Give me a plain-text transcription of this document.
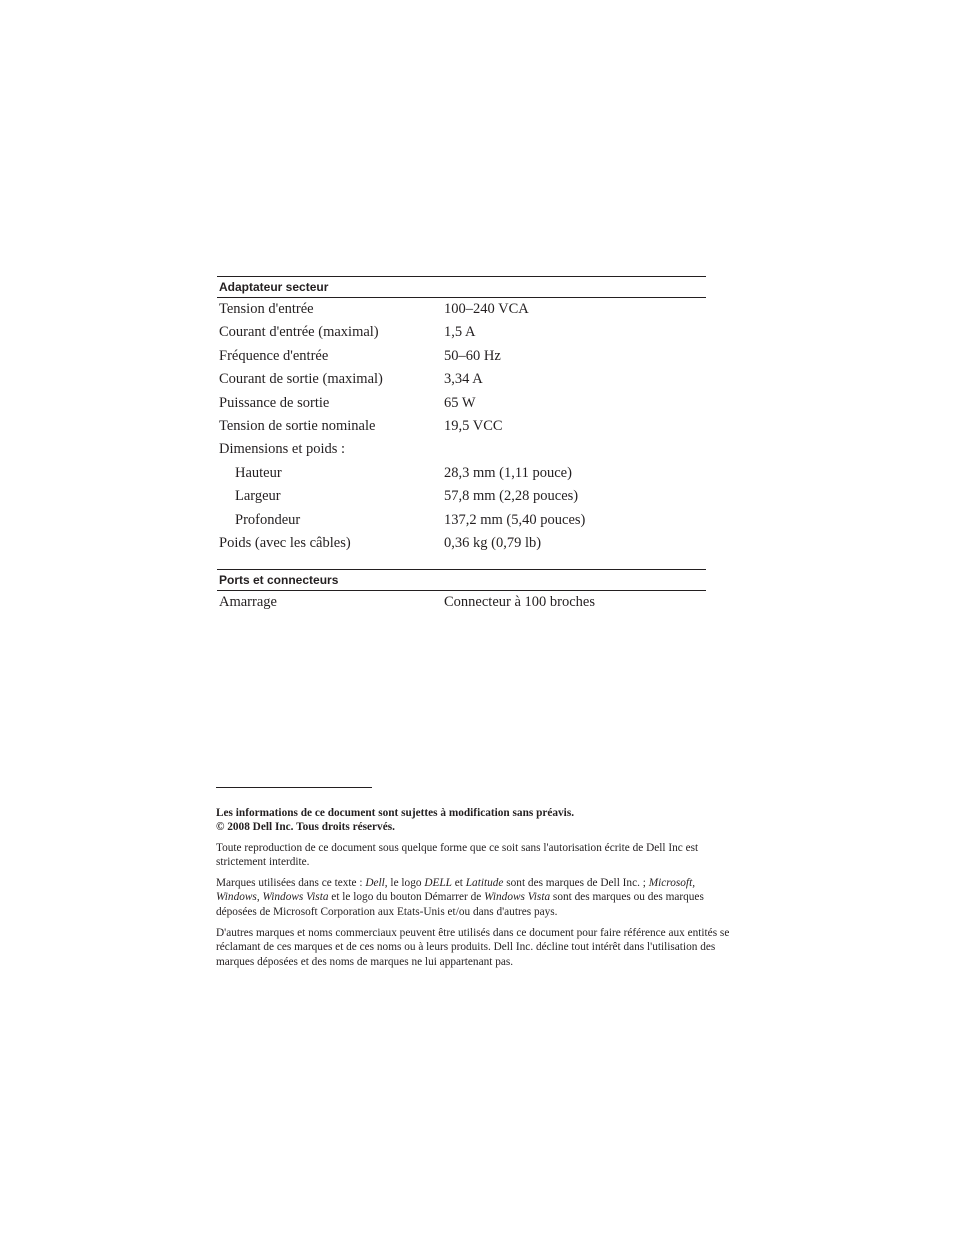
Adaptateur secteur
Tension d'entrée	100–240 VCA
Courant d'entrée (maximal)	1,5 A
Fréquence d'entrée	50–60 Hz
Courant de sortie (maximal)	3,34 A
Puissance de sortie	65 W
Tension de sortie nominale	19,5 VCC
Dimensions et poids :
Hauteur	28,3 mm (1,11 pouce)
Largeur	57,8 mm (2,28 pouces)
Profondeur	137,2 mm (5,40 pouces)
Poids (avec les câbles)	0,36 kg (0,79 lb)
Ports et connecteurs
Amarrage	Connecteur à 100 broches

Les informations de ce document sont sujettes à modification sans préavis.

© 2008 Dell Inc. Tous droits réservés.

Toute reproduction de ce document sous quelque forme que ce soit sans l'autorisation écrite de Dell Inc est strictement interdite.

Marques utilisées dans ce texte : Dell, le logo DELL et Latitude sont des marques de Dell Inc. ; Microsoft, Windows, Windows Vista et le logo du bouton Démarrer de Windows Vista sont des marques ou des marques déposées de Microsoft Corporation aux Etats-Unis et/ou dans d'autres pays.

D'autres marques et noms commerciaux peuvent être utilisés dans ce document pour faire référence aux entités se réclamant de ces marques et de ces noms ou à leurs produits. Dell Inc. décline tout intérêt dans l'utilisation des marques déposées et des noms de marques ne lui appartenant pas.
